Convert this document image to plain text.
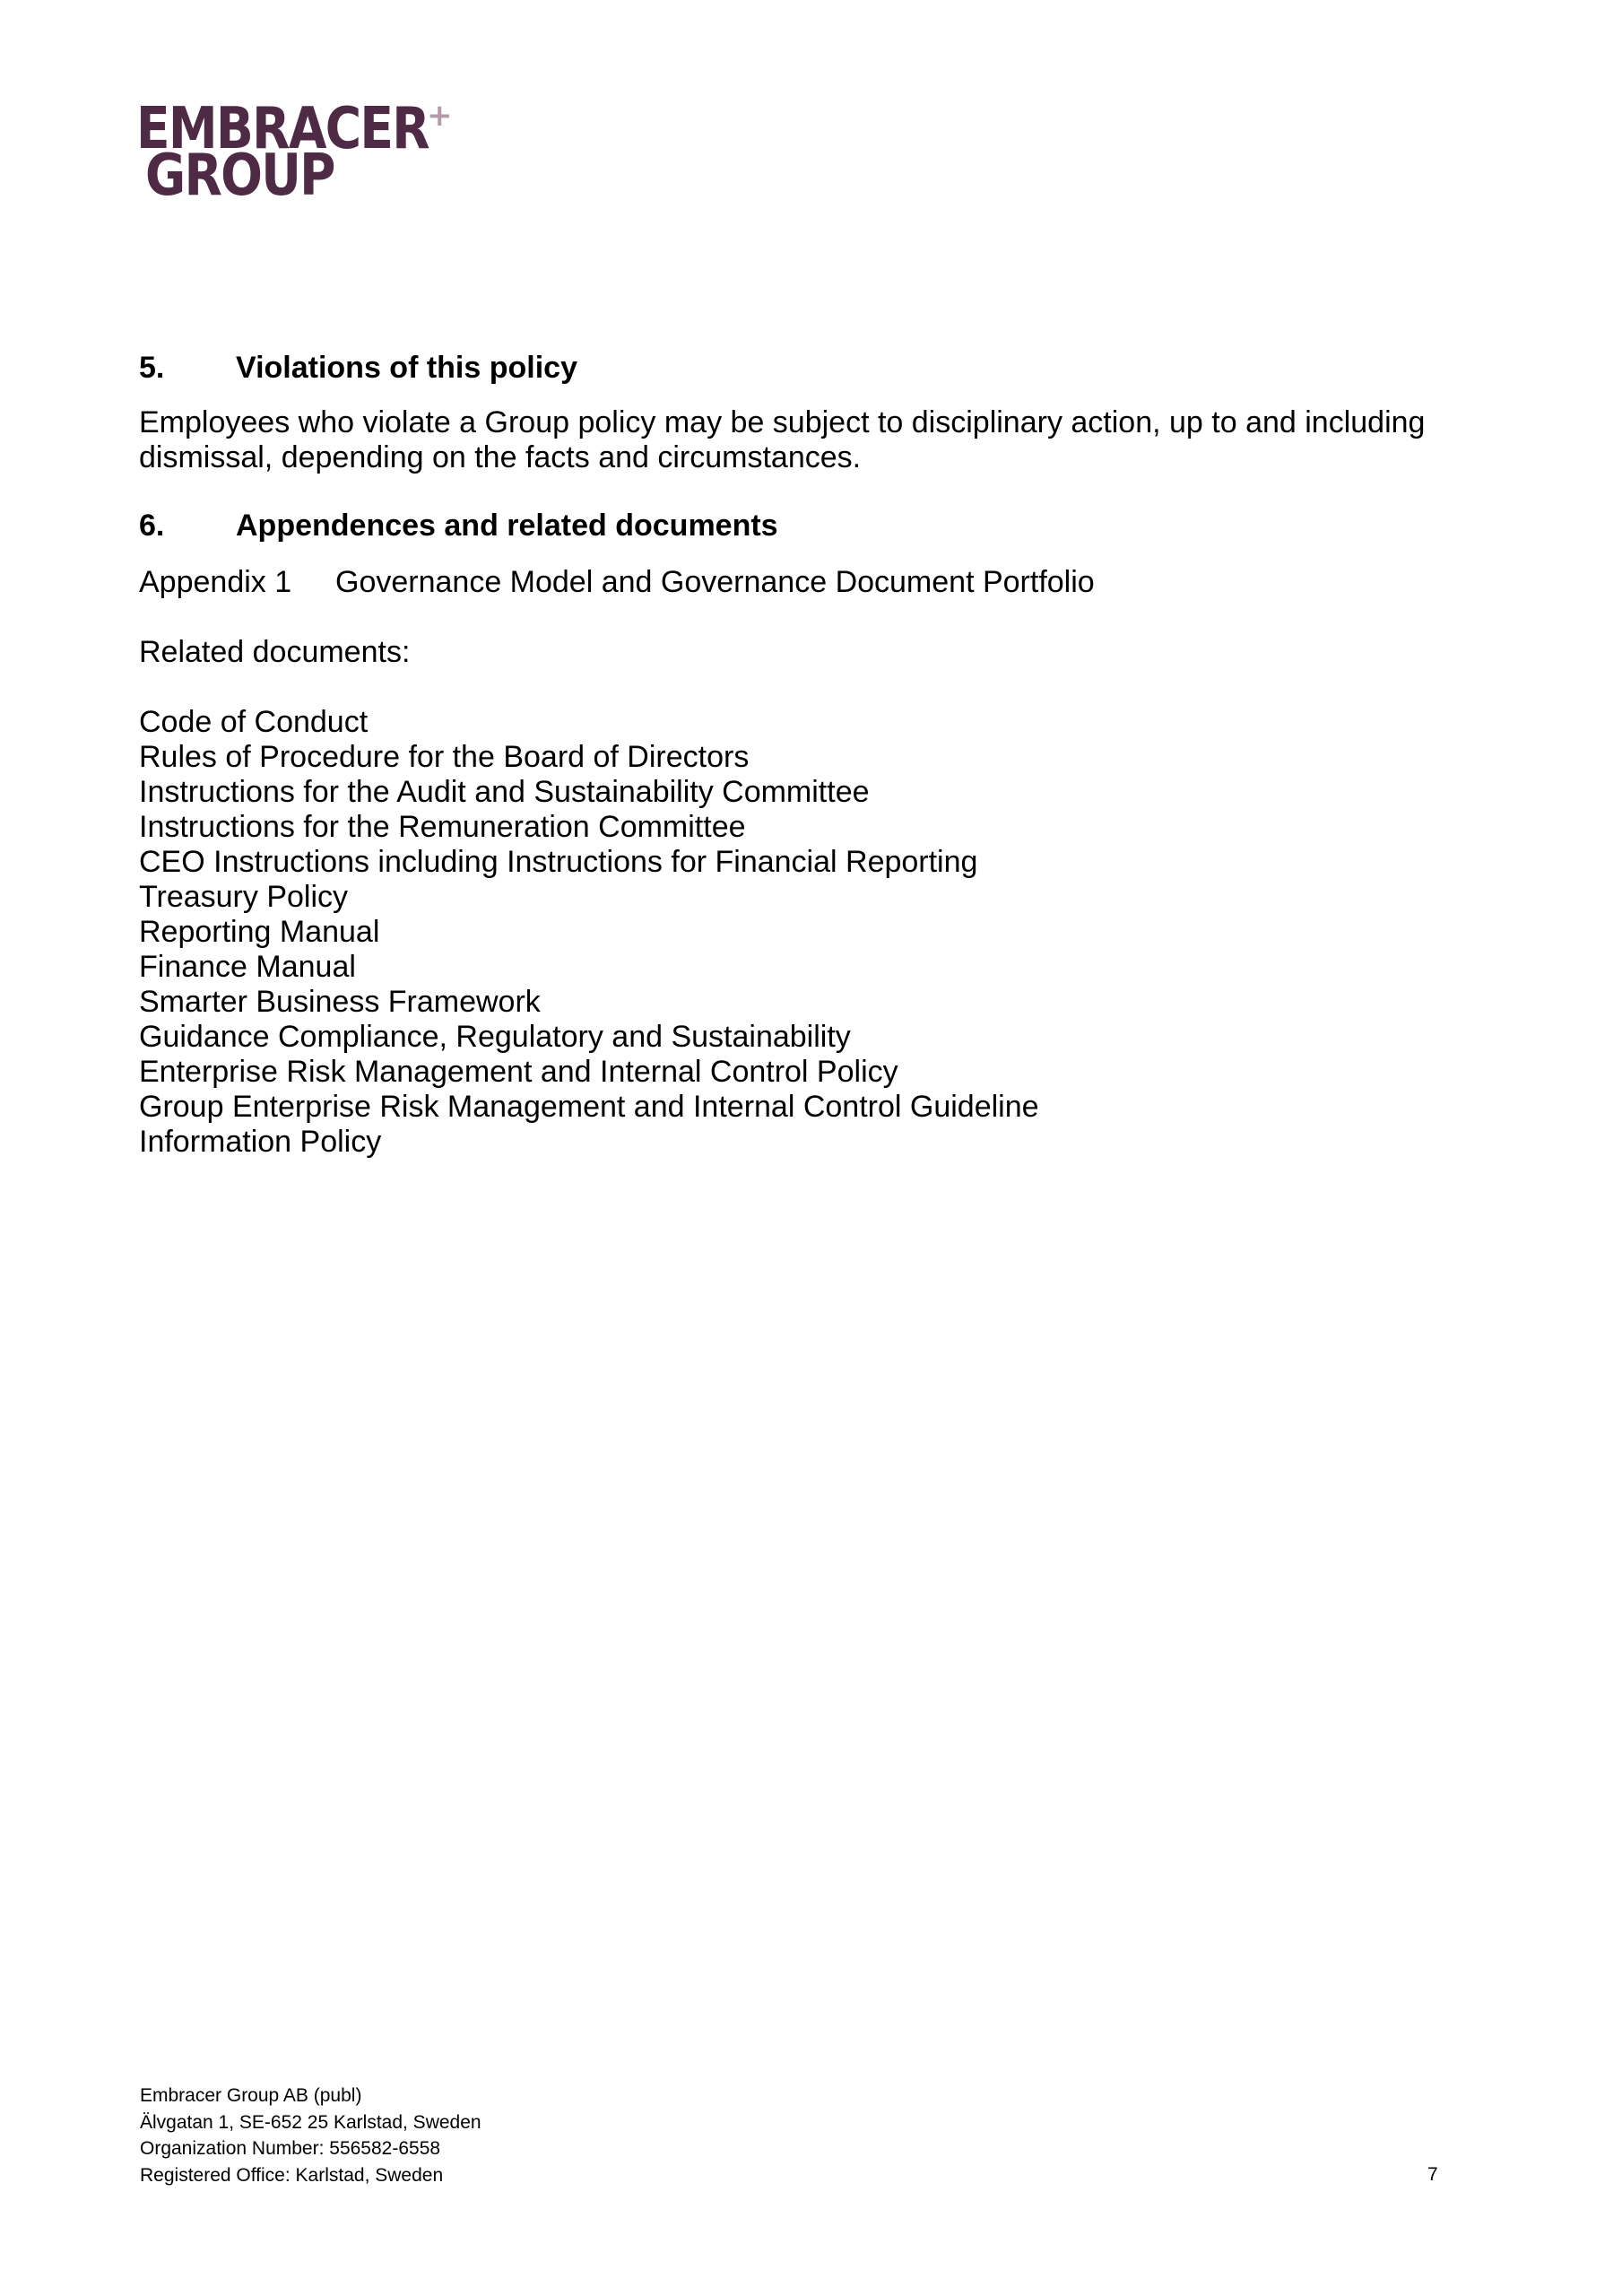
EMBRACER
GROUP
+
5.	Violations of this policy

Employees who violate a Group policy may be subject to disciplinary action, up to and including dismissal, depending on the facts and circumstances.

6.	Appendences and related documents
Appendix 1	Governance Model and Governance Document Portfolio
Related documents:
Code of Conduct
Rules of Procedure for the Board of Directors
Instructions for the Audit and Sustainability Committee
Instructions for the Remuneration Committee
CEO Instructions including Instructions for Financial Reporting
Treasury Policy
Reporting Manual
Finance Manual
Smarter Business Framework
Guidance Compliance, Regulatory and Sustainability
Enterprise Risk Management and Internal Control Policy
Group Enterprise Risk Management and Internal Control Guideline
Information Policy
Embracer Group AB (publ)
Älvgatan 1, SE-652 25 Karlstad, Sweden
Organization Number: 556582-6558
Registered Office: Karlstad, Sweden	7
